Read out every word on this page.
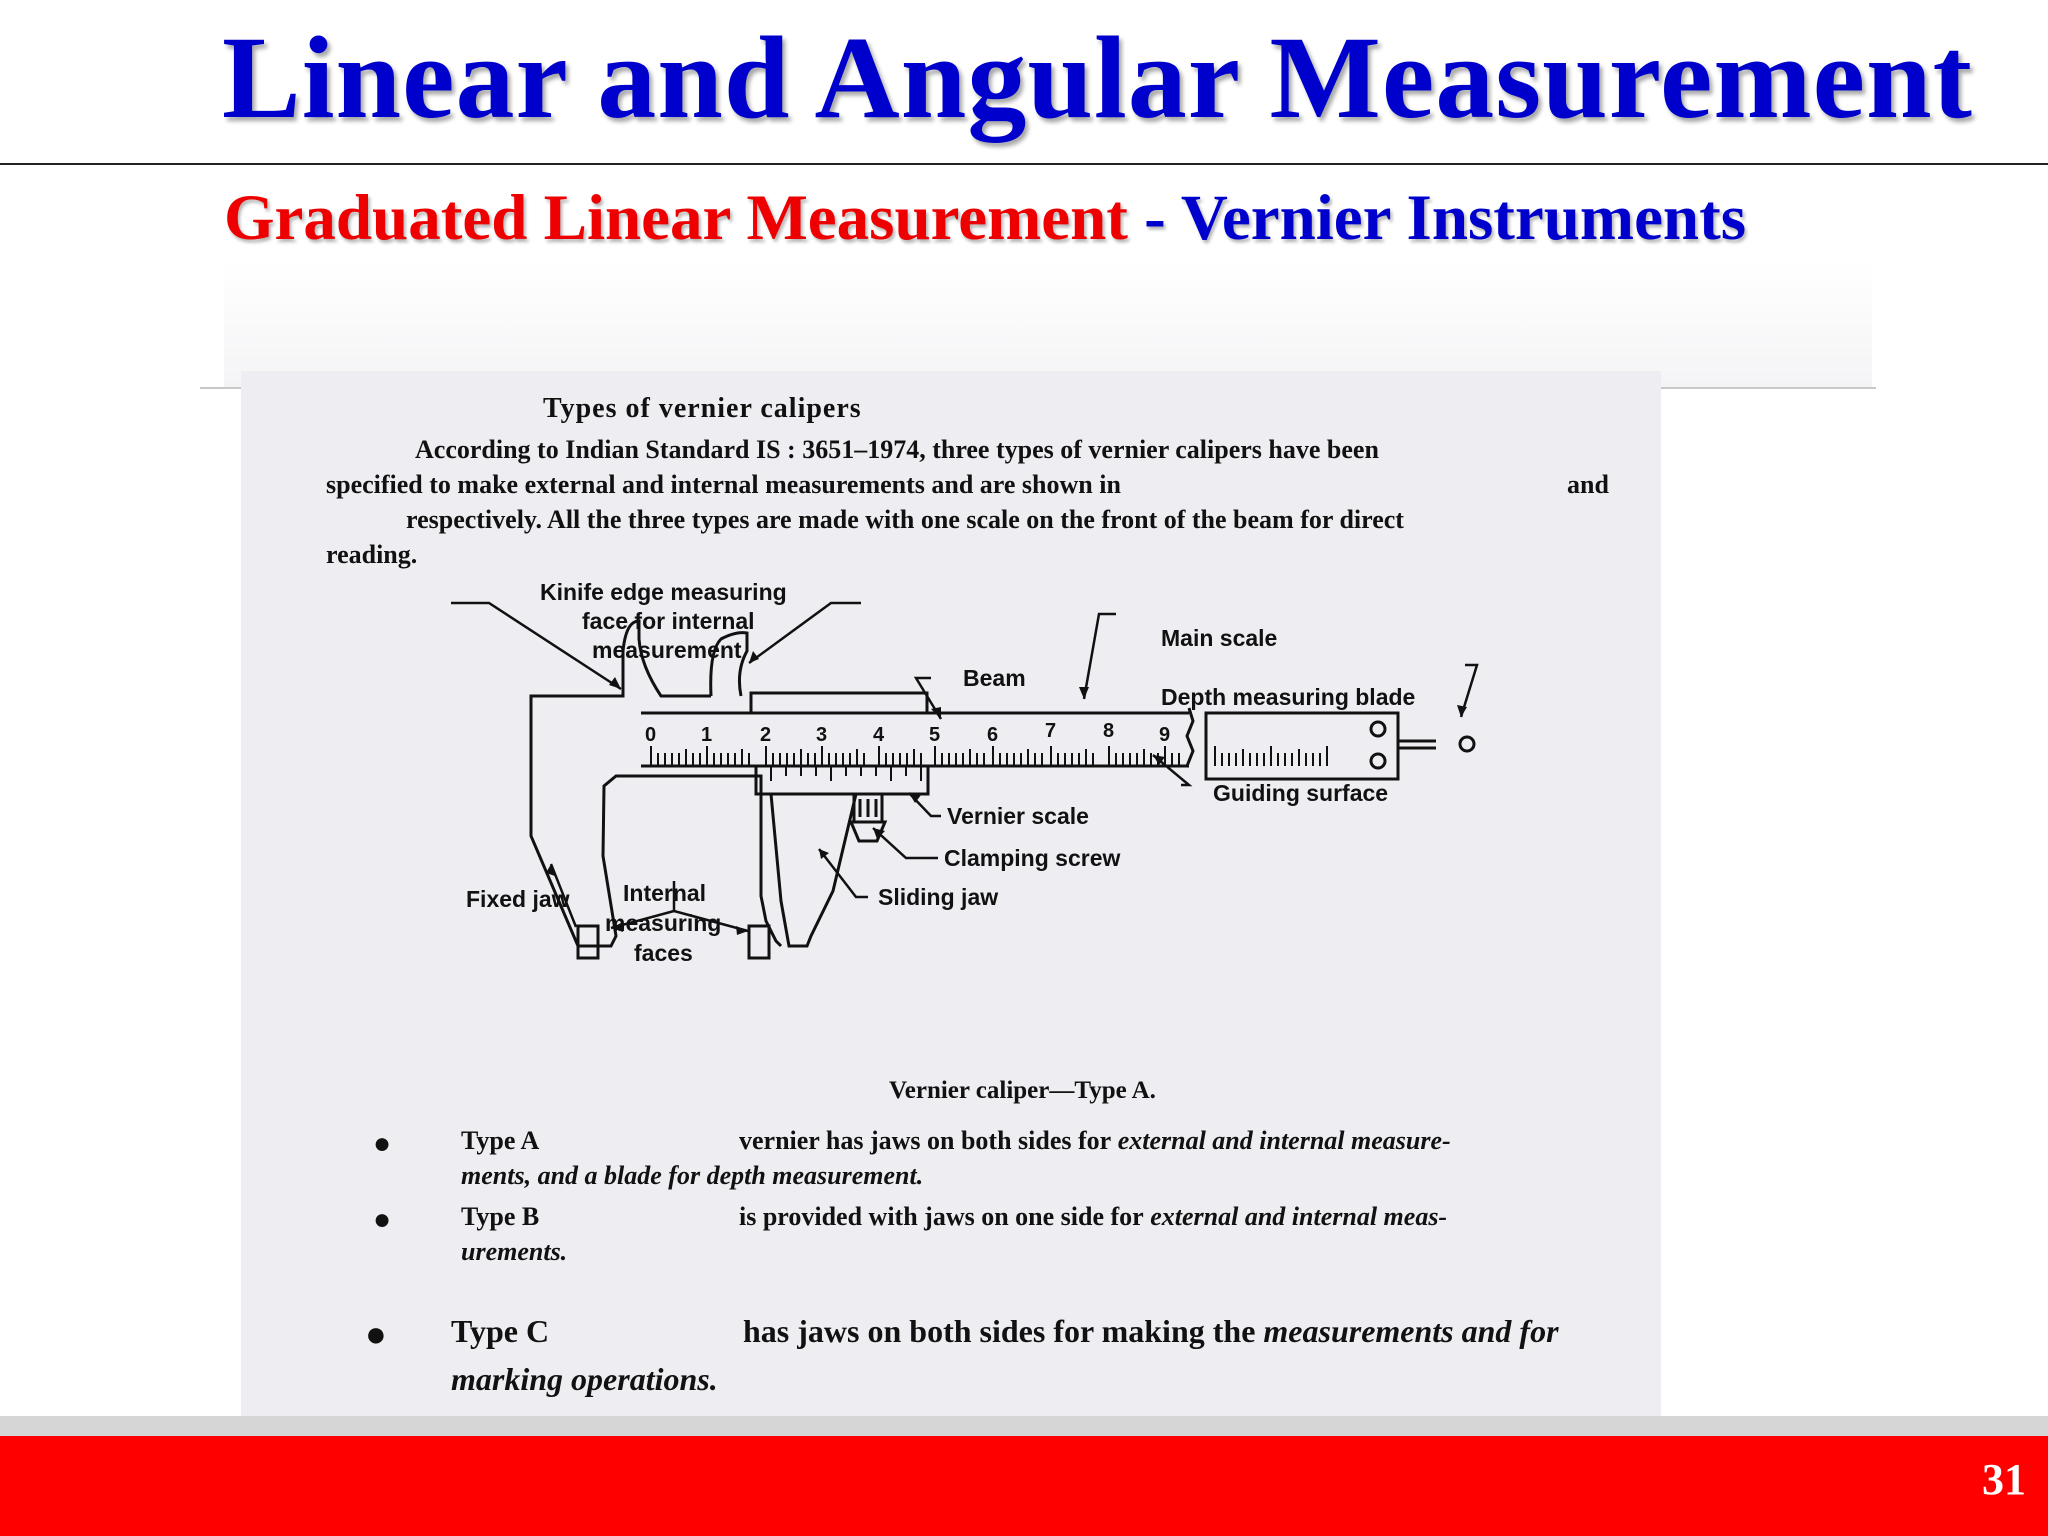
Linear and Angular Measurement
Graduated Linear Measurement - Vernier Instruments

Types of vernier calipers

According to Indian Standard IS : 3651–1974, three types of vernier calipers have been

specified to make external and internal measurements and are shown in	and

respectively. All the three types are made with one scale on the front of the beam for direct

reading.

0 1 2 3 4 5 6 7 8 9
Kinife edge measuring
face for internal
measurement
Beam
Main scale
Depth measuring blade
Guiding surface
Vernier scale
Clamping screw
Sliding jaw
Fixed jaw Internal
measuring
faces

Vernier caliper—Type A.

●	Type A	vernier has jaws on both sides for external and internal measure-
ments, and a blade for depth measurement.
●	Type B	is provided with jaws on one side for external and internal meas-
urements.
● Type C	has jaws on both sides for making the measurements and for
marking operations.
31
